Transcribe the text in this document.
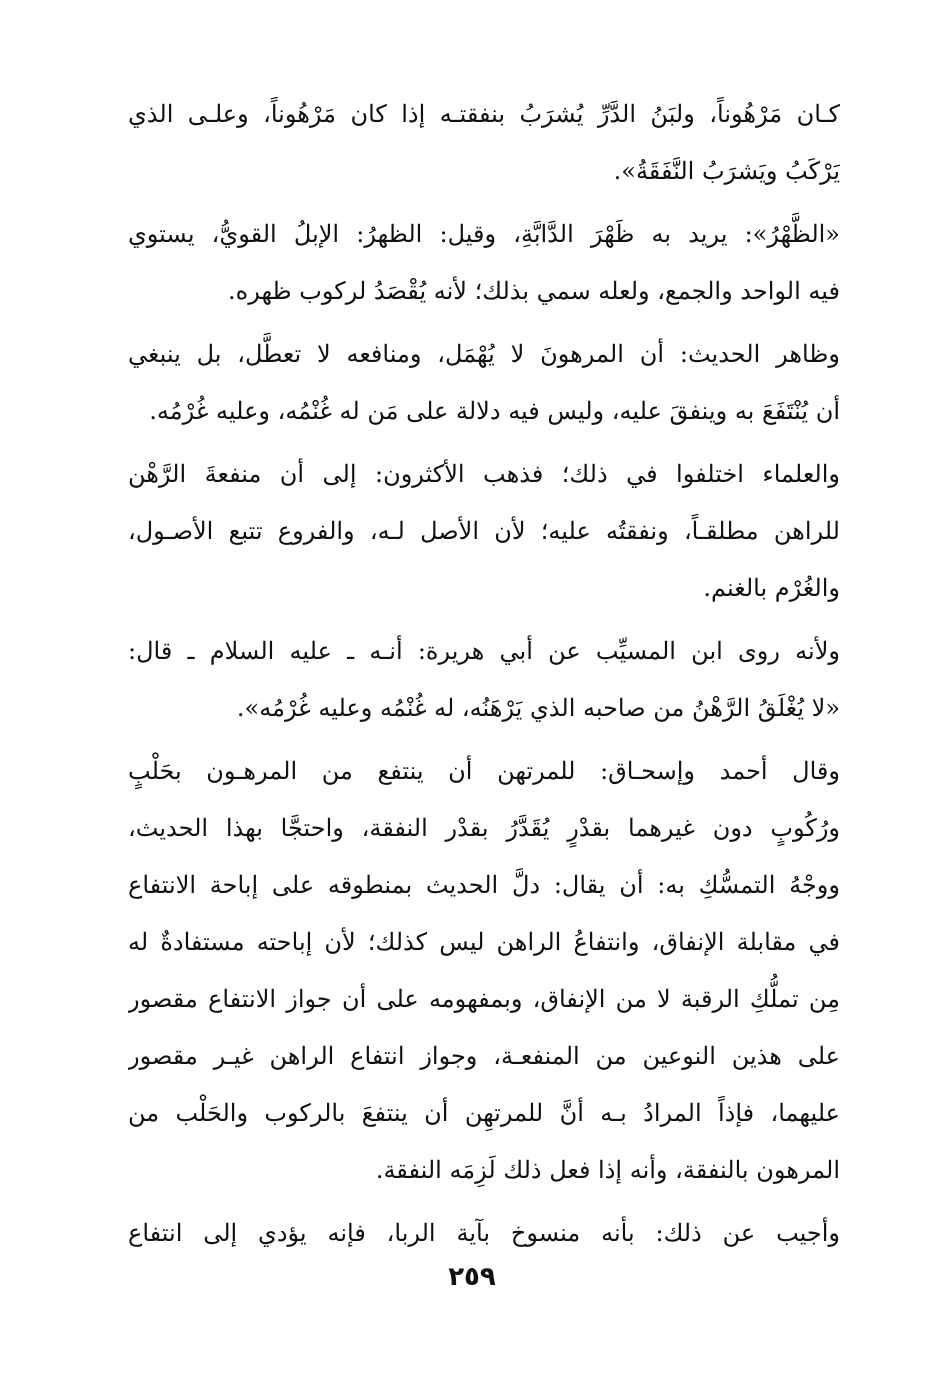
كـان مَرْهُوناً، ولبَنُ الدَّرِّ يُشرَبُ بنفقتـه إذا كان مَرْهُوناً، وعلـى الذي
يَرْكَبُ ويَشرَبُ النَّفَقَةُ».
«الظَّهْرُ»: يريد به ظَهْرَ الدَّابَّةِ، وقيل: الظهرُ: الإبلُ القويُّ، يستوي
فيه الواحد والجمع، ولعله سمي بذلك؛ لأنه يُقْصَدُ لركوب ظهره.
وظاهر الحديث: أن المرهونَ لا يُهْمَل، ومنافعه لا تعطَّل، بل ينبغي
أن يُنْتَفَعَ به وينفقَ عليه، وليس فيه دلالة على مَن له غُنْمُه، وعليه غُرْمُه.
والعلماء اختلفوا في ذلك؛ فذهب الأكثرون: إلى أن منفعةَ الرَّهْن
للراهن مطلقـاً، ونفقتُه عليه؛ لأن الأصل لـه، والفروع تتبع الأصـول،
والغُرْم بالغنم.
ولأنه روى ابن المسيِّب عن أبي هريرة: أنـه ـ عليه السلام ـ قال:
«لا يُغْلَقُ الرَّهْنُ من صاحبه الذي يَرْهَنُه، له غُنْمُه وعليه غُرْمُه».
وقال أحمد وإسحـاق: للمرتهن أن ينتفع من المرهـون بحَلْبٍ
ورُكُوبٍ دون غيرهما بقدْرٍ يُقَدَّرُ بقدْر النفقة، واحتجَّا بهذا الحديث،
ووجْهُ التمسُّكِ به: أن يقال: دلَّ الحديث بمنطوقه على إباحة الانتفاع
في مقابلة الإنفاق، وانتفاعُ الراهن ليس كذلك؛ لأن إباحته مستفادةٌ له
مِن تملُّكِ الرقبة لا من الإنفاق، وبمفهومه على أن جواز الانتفاع مقصور
على هذين النوعين من المنفعـة، وجواز انتفاع الراهن غيـر مقصور
عليهما، فإذاً المرادُ بـه أنَّ للمرتهِن أن ينتفعَ بالركوب والحَلْب من
المرهون بالنفقة، وأنه إذا فعل ذلك لَزِمَه النفقة.
وأجيب عن ذلك: بأنه منسوخ بآية الربا، فإنه يؤدي إلى انتفاع
٢٥٩
